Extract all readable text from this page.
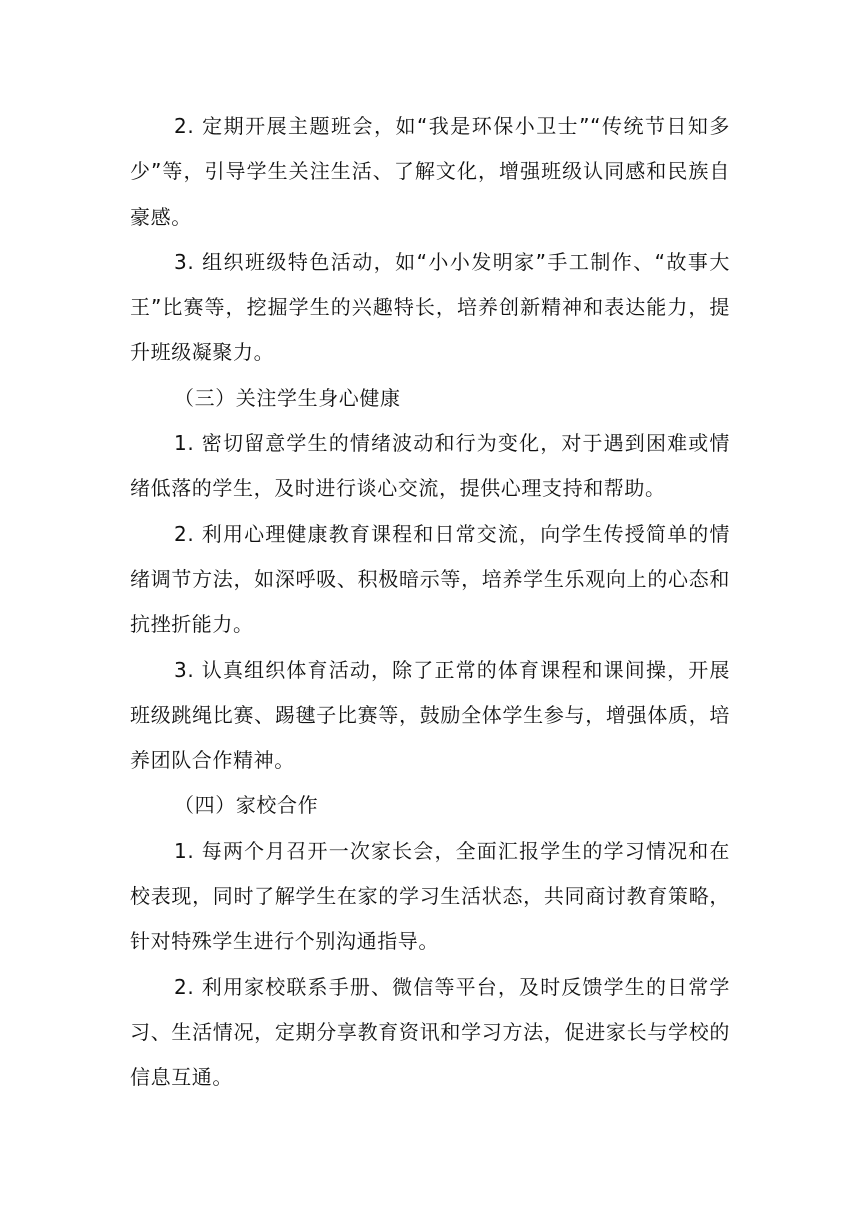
2. 定期开展主题班会，如“我是环保小卫士”“传统节日知多少”等，引导学生关注生活、了解文化，增强班级认同感和民族自豪感。

3. 组织班级特色活动，如“小小发明家”手工制作、“故事大王”比赛等，挖掘学生的兴趣特长，培养创新精神和表达能力，提升班级凝聚力。

（三）关注学生身心健康

1. 密切留意学生的情绪波动和行为变化，对于遇到困难或情绪低落的学生，及时进行谈心交流，提供心理支持和帮助。

2. 利用心理健康教育课程和日常交流，向学生传授简单的情绪调节方法，如深呼吸、积极暗示等，培养学生乐观向上的心态和抗挫折能力。

3. 认真组织体育活动，除了正常的体育课程和课间操，开展班级跳绳比赛、踢毽子比赛等，鼓励全体学生参与，增强体质，培养团队合作精神。

（四）家校合作

1. 每两个月召开一次家长会，全面汇报学生的学习情况和在校表现，同时了解学生在家的学习生活状态，共同商讨教育策略，针对特殊学生进行个别沟通指导。

2. 利用家校联系手册、微信等平台，及时反馈学生的日常学习、生活情况，定期分享教育资讯和学习方法，促进家长与学校的信息互通。
